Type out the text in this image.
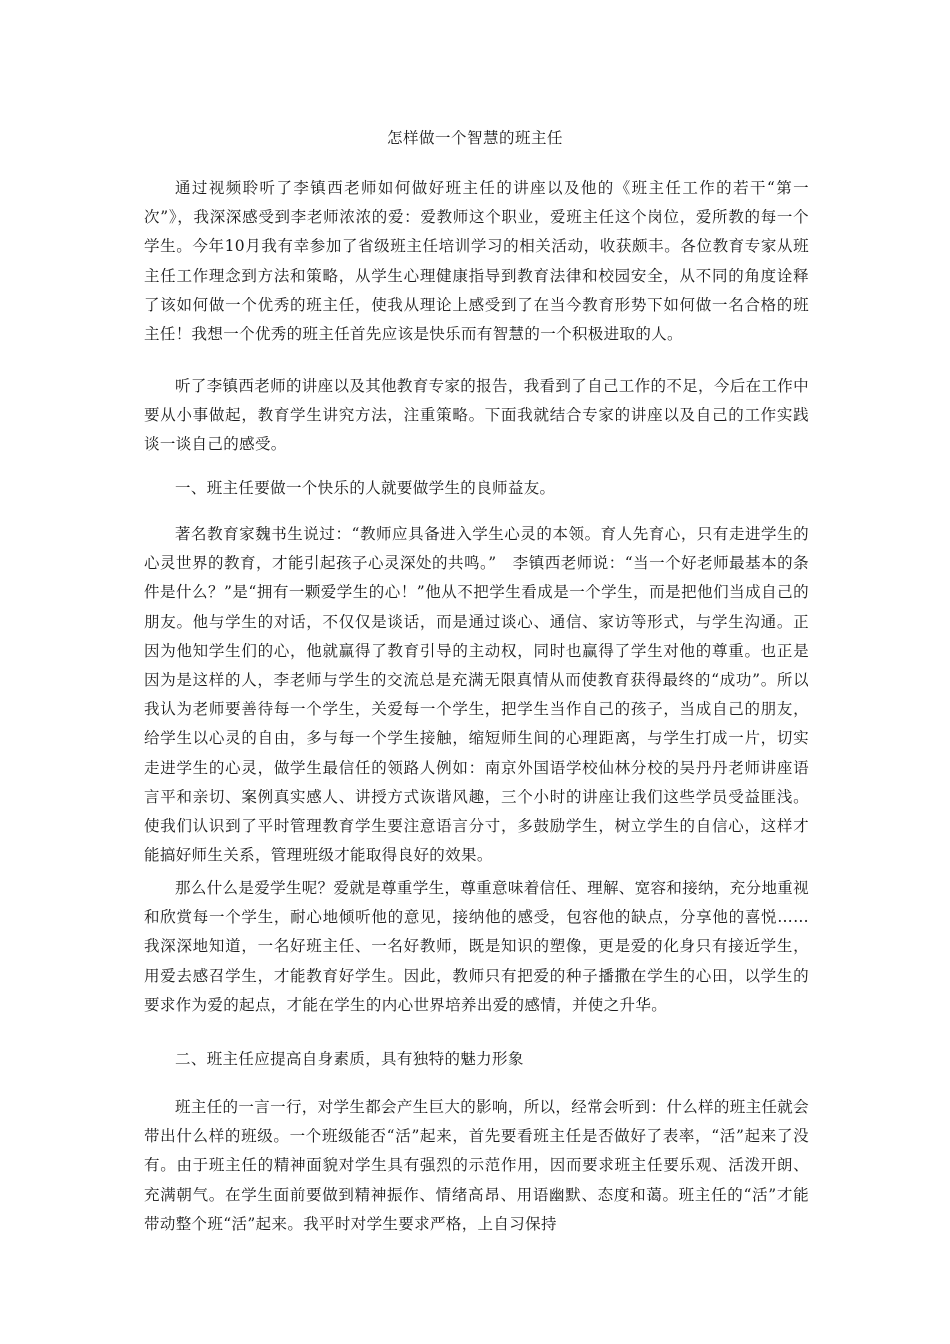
怎样做一个智慧的班主任

通过视频聆听了李镇西老师如何做好班主任的讲座以及他的《班主任工作的若干“第一次”》，我深深感受到李老师浓浓的爱：爱教师这个职业，爱班主任这个岗位，爱所教的每一个学生。今年10月我有幸参加了省级班主任培训学习的相关活动，收获颇丰。各位教育专家从班主任工作理念到方法和策略，从学生心理健康指导到教育法律和校园安全，从不同的角度诠释了该如何做一个优秀的班主任，使我从理论上感受到了在当今教育形势下如何做一名合格的班主任！我想一个优秀的班主任首先应该是快乐而有智慧的一个积极进取的人。

听了李镇西老师的讲座以及其他教育专家的报告，我看到了自己工作的不足，今后在工作中要从小事做起，教育学生讲究方法，注重策略。下面我就结合专家的讲座以及自己的工作实践谈一谈自己的感受。

一、班主任要做一个快乐的人就要做学生的良师益友。

著名教育家魏书生说过：“教师应具备进入学生心灵的本领。育人先育心，只有走进学生的心灵世界的教育，才能引起孩子心灵深处的共鸣。”　李镇西老师说：“当一个好老师最基本的条件是什么？”是“拥有一颗爱学生的心！”他从不把学生看成是一个学生，而是把他们当成自己的朋友。他与学生的对话，不仅仅是谈话，而是通过谈心、通信、家访等形式，与学生沟通。正因为他知学生们的心，他就赢得了教育引导的主动权，同时也赢得了学生对他的尊重。也正是因为是这样的人，李老师与学生的交流总是充满无限真情从而使教育获得最终的“成功”。所以我认为老师要善待每一个学生，关爱每一个学生，把学生当作自己的孩子，当成自己的朋友，给学生以心灵的自由，多与每一个学生接触，缩短师生间的心理距离，与学生打成一片，切实走进学生的心灵，做学生最信任的领路人例如：南京外国语学校仙林分校的吴丹丹老师讲座语言平和亲切、案例真实感人、讲授方式诙谐风趣，三个小时的讲座让我们这些学员受益匪浅。使我们认识到了平时管理教育学生要注意语言分寸，多鼓励学生，树立学生的自信心，这样才能搞好师生关系，管理班级才能取得良好的效果。

那么什么是爱学生呢？爱就是尊重学生，尊重意味着信任、理解、宽容和接纳，充分地重视和欣赏每一个学生，耐心地倾听他的意见，接纳他的感受，包容他的缺点，分享他的喜悦……我深深地知道，一名好班主任、一名好教师，既是知识的塑像，更是爱的化身只有接近学生，用爱去感召学生，才能教育好学生。因此，教师只有把爱的种子播撒在学生的心田，以学生的要求作为爱的起点，才能在学生的内心世界培养出爱的感情，并使之升华。

二、班主任应提高自身素质，具有独特的魅力形象

班主任的一言一行，对学生都会产生巨大的影响，所以，经常会听到：什么样的班主任就会带出什么样的班级。一个班级能否“活”起来，首先要看班主任是否做好了表率，“活”起来了没有。由于班主任的精神面貌对学生具有强烈的示范作用，因而要求班主任要乐观、活泼开朗、充满朝气。在学生面前要做到精神振作、情绪高昂、用语幽默、态度和蔼。班主任的“活”才能带动整个班“活”起来。我平时对学生要求严格，上自习保持
